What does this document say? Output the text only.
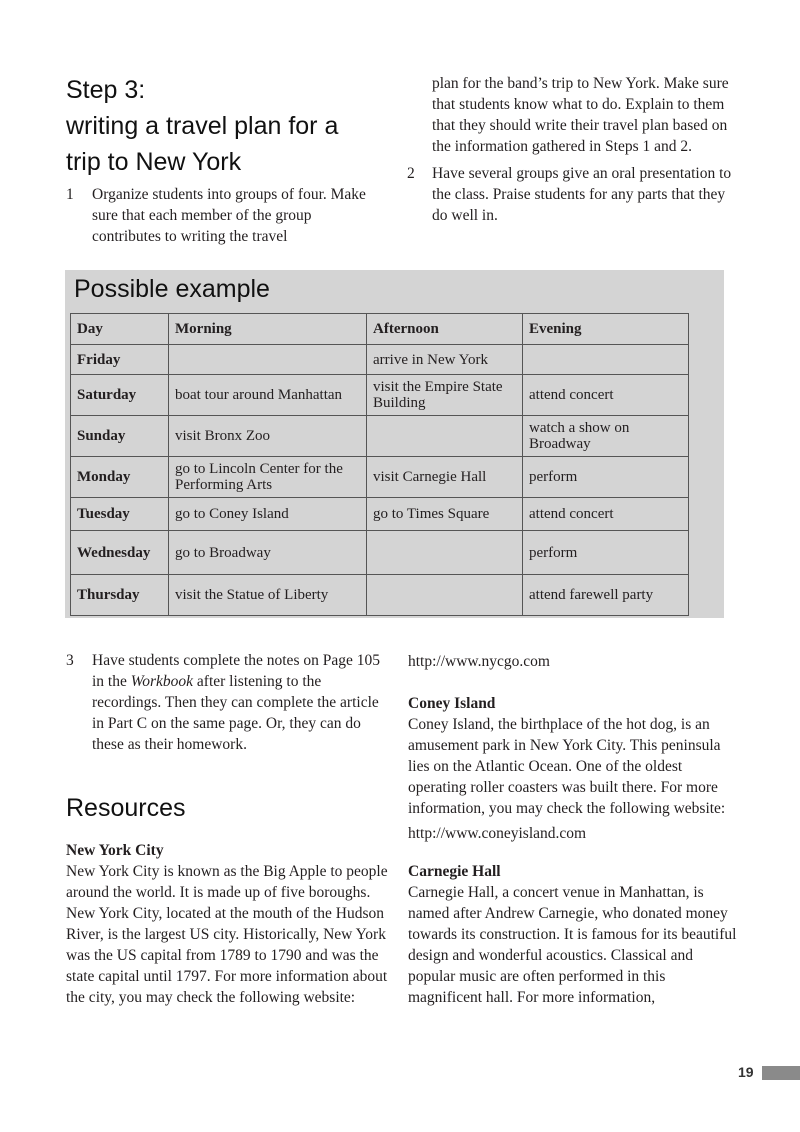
Step 3:
writing a travel plan for a
trip to New York
1 Organize students into groups of four. Make sure that each member of the group contributes to writing the travel
plan for the band’s trip to New York. Make sure that students know what to do. Explain to them that they should write their travel plan based on the information gathered in Steps 1 and 2.
2 Have several groups give an oral presentation to the class. Praise students for any parts that they do well in.
Possible example
Day	Morning	Afternoon	Evening
Friday		arrive in New York	
Saturday	boat tour around Manhattan	visit the Empire State Building	attend concert
Sunday	visit Bronx Zoo		watch a show on Broadway
Monday	go to Lincoln Center for the Performing Arts	visit Carnegie Hall	perform
Tuesday	go to Coney Island	go to Times Square	attend concert
Wednesday	go to Broadway		perform
Thursday	visit the Statue of Liberty		attend farewell party
3 Have students complete the notes on Page 105 in the Workbook after listening to the recordings. Then they can complete the article in Part C on the same page. Or, they can do these as their homework.
Resources
New York City
New York City is known as the Big Apple to people around the world. It is made up of five boroughs. New York City, located at the mouth of the Hudson River, is the largest US city. Historically, New York was the US capital from 1789 to 1790 and was the state capital until 1797. For more information about the city, you may check the following website:
http://www.nycgo.com
Coney Island
Coney Island, the birthplace of the hot dog, is an amusement park in New York City. This peninsula lies on the Atlantic Ocean. One of the oldest operating roller coasters was built there. For more information, you may check the following website:
http://www.coneyisland.com
Carnegie Hall
Carnegie Hall, a concert venue in Manhattan, is named after Andrew Carnegie, who donated money towards its construction. It is famous for its beautiful design and wonderful acoustics. Classical and popular music are often performed in this magnificent hall. For more information,
19
